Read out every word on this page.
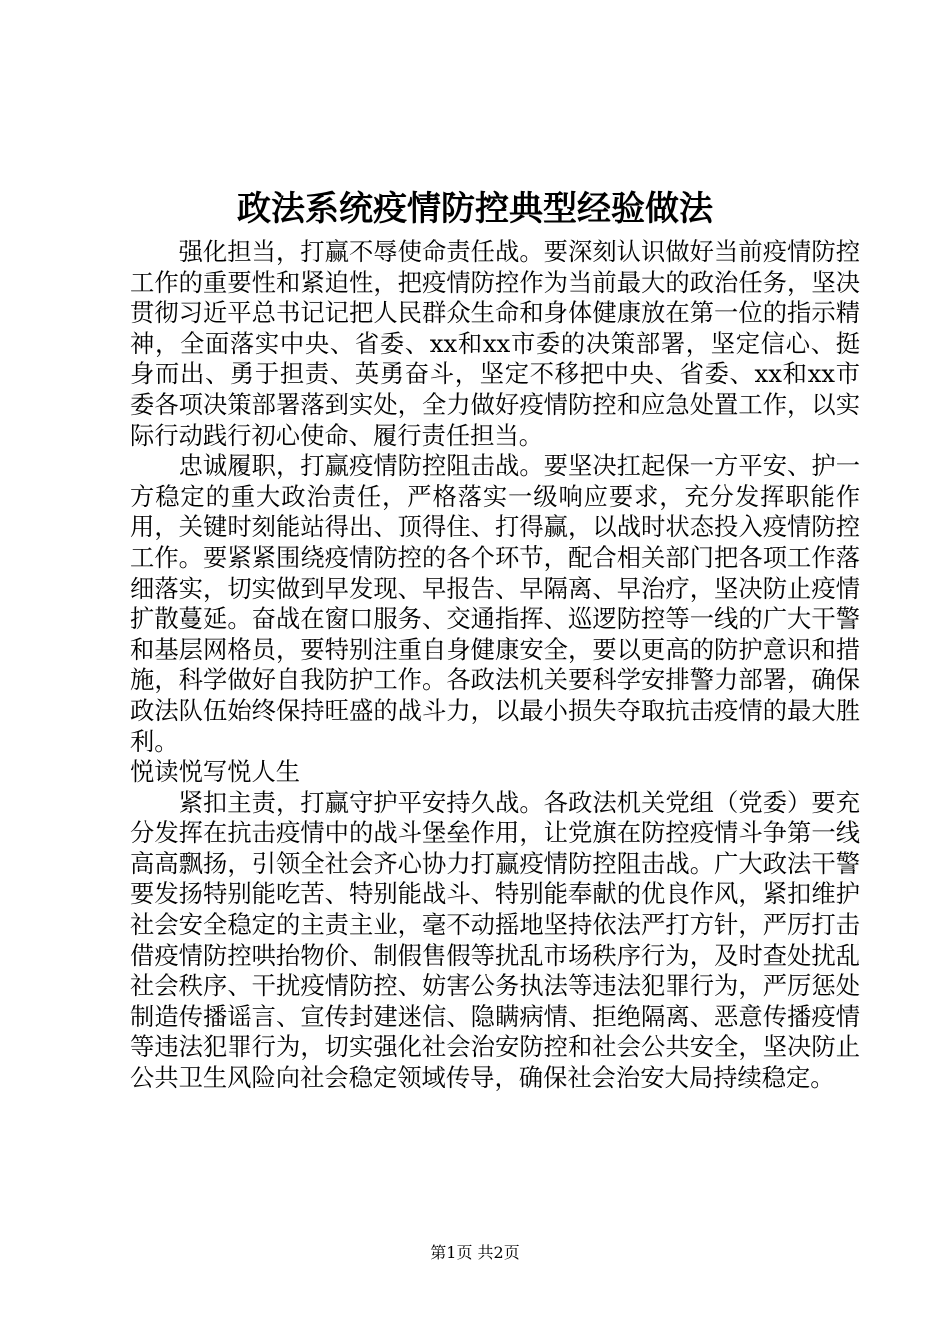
政法系统疫情防控典型经验做法

强化担当，打赢不辱使命责任战。要深刻认识做好当前疫情防控工作的重要性和紧迫性，把疫情防控作为当前最大的政治任务，坚决贯彻习近平总书记记把人民群众生命和身体健康放在第一位的指示精神，全面落实中央、省委、xx和xx市委的决策部署，坚定信心、挺身而出、勇于担责、英勇奋斗，坚定不移把中央、省委、xx和xx市委各项决策部署落到实处，全力做好疫情防控和应急处置工作，以实际行动践行初心使命、履行责任担当。

忠诚履职，打赢疫情防控阻击战。要坚决扛起保一方平安、护一方稳定的重大政治责任，严格落实一级响应要求，充分发挥职能作用，关键时刻能站得出、顶得住、打得赢，以战时状态投入疫情防控工作。要紧紧围绕疫情防控的各个环节，配合相关部门把各项工作落细落实，切实做到早发现、早报告、早隔离、早治疗，坚决防止疫情扩散蔓延。奋战在窗口服务、交通指挥、巡逻防控等一线的广大干警和基层网格员，要特别注重自身健康安全，要以更高的防护意识和措施，科学做好自我防护工作。各政法机关要科学安排警力部署，确保政法队伍始终保持旺盛的战斗力，以最小损失夺取抗击疫情的最大胜利。

悦读悦写悦人生

紧扣主责，打赢守护平安持久战。各政法机关党组（党委）要充分发挥在抗击疫情中的战斗堡垒作用，让党旗在防控疫情斗争第一线高高飘扬，引领全社会齐心协力打赢疫情防控阻击战。广大政法干警要发扬特别能吃苦、特别能战斗、特别能奉献的优良作风，紧扣维护社会安全稳定的主责主业，毫不动摇地坚持依法严打方针，严厉打击借疫情防控哄抬物价、制假售假等扰乱市场秩序行为，及时查处扰乱社会秩序、干扰疫情防控、妨害公务执法等违法犯罪行为，严厉惩处制造传播谣言、宣传封建迷信、隐瞒病情、拒绝隔离、恶意传播疫情等违法犯罪行为，切实强化社会治安防控和社会公共安全，坚决防止公共卫生风险向社会稳定领域传导，确保社会治安大局持续稳定。

第1页 共2页
